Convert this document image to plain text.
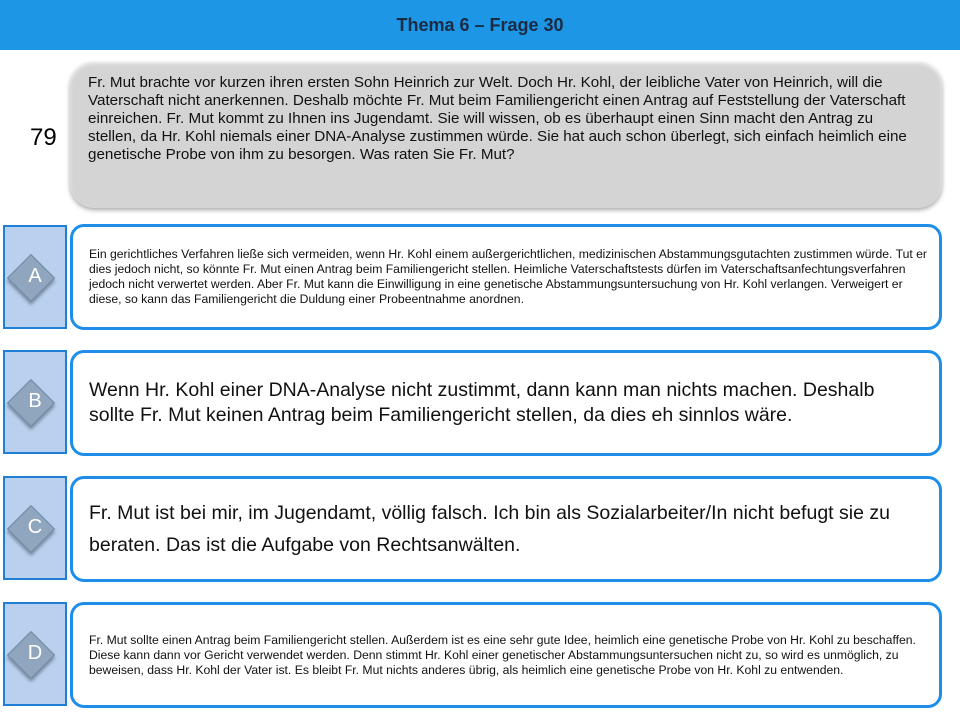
Thema 6 – Frage 30
79
Fr. Mut brachte vor kurzen ihren ersten Sohn Heinrich zur Welt. Doch Hr. Kohl, der leibliche Vater von Heinrich, will die Vaterschaft nicht anerkennen. Deshalb möchte Fr. Mut beim Familiengericht einen Antrag auf Feststellung der Vaterschaft einreichen. Fr. Mut kommt zu Ihnen ins Jugendamt. Sie will wissen, ob es überhaupt einen Sinn macht den Antrag zu stellen, da Hr. Kohl niemals einer DNA-Analyse zustimmen würde. Sie hat auch schon überlegt, sich einfach heimlich eine genetische Probe von ihm zu besorgen. Was raten Sie Fr. Mut?
A
Ein gerichtliches Verfahren ließe sich vermeiden, wenn Hr. Kohl einem außergerichtlichen, medizinischen Abstammungsgutachten zustimmen würde. Tut er dies jedoch nicht, so könnte Fr. Mut einen Antrag beim Familiengericht stellen. Heimliche Vaterschaftstests dürfen im Vaterschaftsanfechtungsverfahren jedoch nicht verwertet werden. Aber Fr. Mut kann die Einwilligung in eine genetische Abstammungsuntersuchung von Hr. Kohl verlangen. Verweigert er diese, so kann das Familiengericht die Duldung einer Probeentnahme anordnen.
B	Wenn Hr. Kohl einer DNA-Analyse nicht zustimmt, dann kann man nichts machen. Deshalb sollte Fr. Mut keinen Antrag beim Familiengericht stellen, da dies eh sinnlos wäre.
C
Fr. Mut ist bei mir, im Jugendamt, völlig falsch. Ich bin als Sozialarbeiter/In nicht befugt sie zu beraten. Das ist die Aufgabe von Rechtsanwälten.
D
Fr. Mut sollte einen Antrag beim Familiengericht stellen. Außerdem ist es eine sehr gute Idee, heimlich eine genetische Probe von Hr. Kohl zu beschaffen. Diese kann dann vor Gericht verwendet werden. Denn stimmt Hr. Kohl einer genetischer Abstammungsuntersuchen nicht zu, so wird es unmöglich, zu beweisen, dass Hr. Kohl der Vater ist. Es bleibt Fr. Mut nichts anderes übrig, als heimlich eine genetische Probe von Hr. Kohl zu entwenden.
